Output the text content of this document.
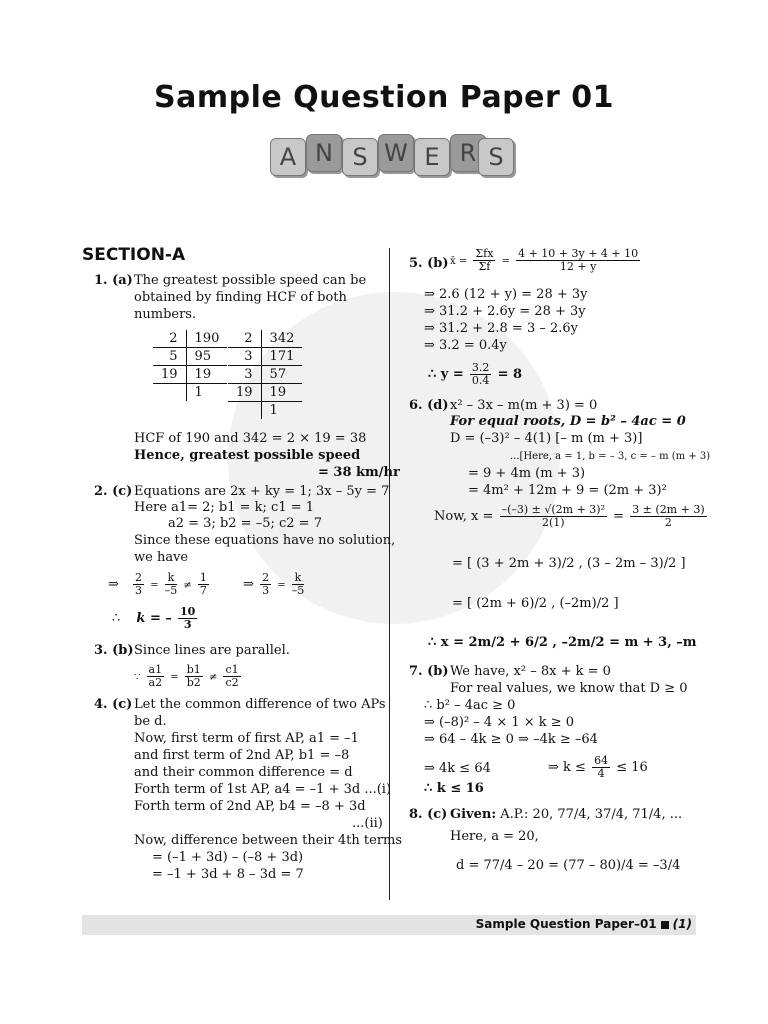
Sample Question Paper 01
A N S W E R S
SECTION-A
1. (a) The greatest possible speed can be
obtained by finding HCF of both
numbers.
2	190
5	95
19	19
	1
2	342
3	171
3	57
19	19
	1
HCF of 190 and 342 = 2 × 19 = 38
Hence, greatest possible speed
= 38 km/hr
2. (c) Equations are 2x + ky = 1; 3x – 5y = 7
Here a1= 2; b1 = k; c1 = 1
a2 = 3; b2 = –5; c2 = 7
Since these equations have no solution,
we have
⇒ $\frac{2}{3} = \frac{k}{-5} \ne \frac{1}{7}$	⇒ $\frac{2}{3} = \frac{k}{-5}$
∴ k = – $\frac{10}{3}$
3. (b) Since lines are parallel.
∵ $\frac{a1}{a2} = \frac{b1}{b2} \ne \frac{c1}{c2}$
4. (c) Let the common difference of two APs
be d.
Now, first term of first AP, a1 = –1
and first term of 2nd AP, b1 = –8
and their common difference = d
Forth term of 1st AP, a4 = –1 + 3d ...(i)
Forth term of 2nd AP, b4 = –8 + 3d
...(ii)
Now, difference between their 4th terms
= (–1 + 3d) – (–8 + 3d)
= –1 + 3d + 8 – 3d = 7
5. (b) x̄ = $\frac{\text{Σfx}}{\Sigma f} = \frac{4 + 10 + 3y + 4 + 10}{12 + y}$
⇒ 2.6 (12 + y) = 28 + 3y
⇒ 31.2 + 2.6y = 28 + 3y
⇒ 31.2 + 2.8 = 3 – 2.6y
⇒ 3.2 = 0.4y
∴ $y = \frac{3.2}{0.4} = 8$
6. (d) x² – 3x – m(m + 3) = 0
For equal roots, D = b² – 4ac = 0
D = (–3)² – 4(1) [– m (m + 3)]
...[Here, a = 1, b = – 3, c = – m (m + 3)
= 9 + 4m (m + 3)
= 4m² + 12m + 9 = (2m + 3)²
Now, $x = \frac{\text{–(–3) ± √(2m + 3)²}}{2(1)} = \frac{3 \pm (2m + 3)}{2}$
= [ (3 + 2m + 3)/2 , (3 – 2m – 3)/2 ]
= [ (2m + 6)/2 , (–2m)/2 ]
∴ x = 2m/2 + 6/2 , –2m/2 = m + 3, –m
7. (b) We have, x² – 8x + k = 0
For real values, we know that D ≥ 0
∴ b² – 4ac ≥ 0
⇒ (–8)² – 4 × 1 × k ≥ 0
⇒ 64 – 4k ≥ 0 ⇒ –4k ≥ –64
⇒ 4k ≤ 64	⇒ $k \le \frac{64}{4} \le 16$
∴ k ≤ 16
8. (c) Given: A.P.: 20, 77/4, 37/4, 71/4, ...
Here, a = 20,
d = 77/4 – 20 = (77 – 80)/4 = –3/4
Sample Question Paper–01 (1)
